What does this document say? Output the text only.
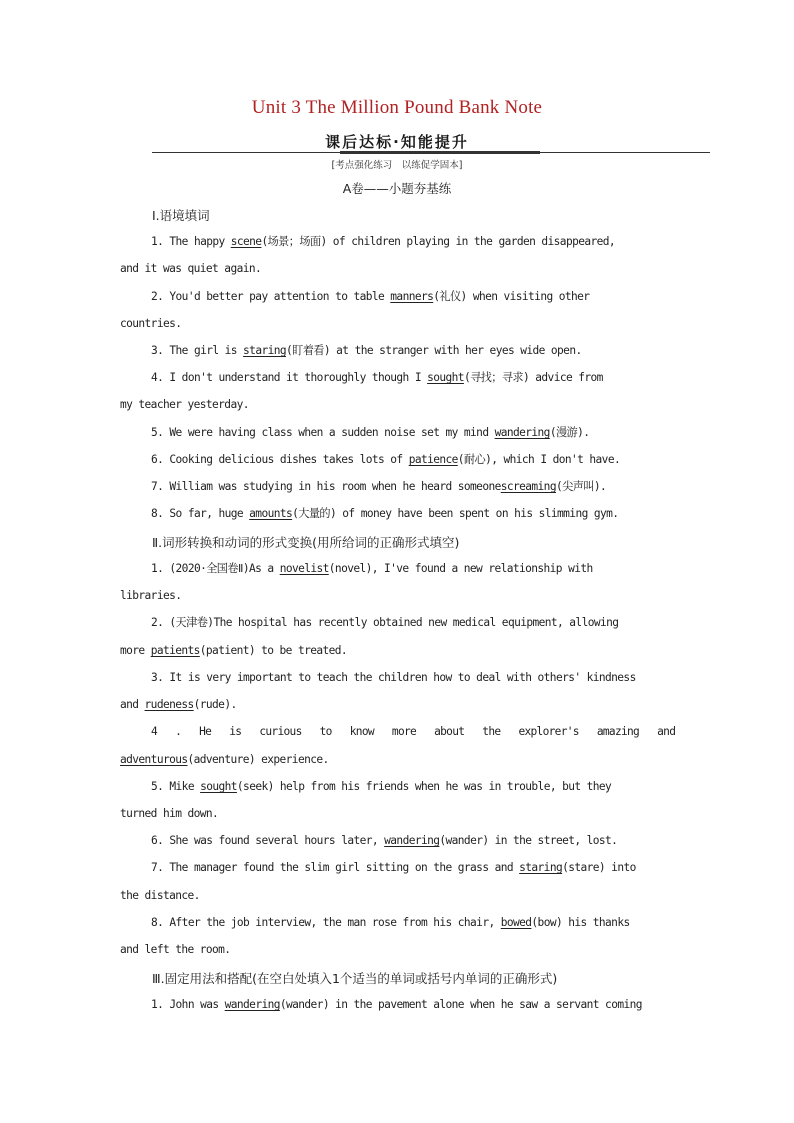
Unit 3 The Million Pound Bank Note
课后达标·知能提升
[考点强化练习　以练促学固本]
A卷——小题夯基练
Ⅰ.语境填词
1. The happy scene(场景；场面) of children playing in the garden disappeared,
and it was quiet again.
2. You'd better pay attention to table manners(礼仪) when visiting other
countries.
3. The girl is staring(盯着看) at the stranger with her eyes wide open.
4. I don't understand it thoroughly though I sought(寻找；寻求) advice from
my teacher yesterday.
5. We were having class when a sudden noise set my mind wandering(漫游).
6. Cooking delicious dishes takes lots of patience(耐心), which I don't have.
7. William was studying in his room when he heard someonescreaming(尖声叫).
8. So far, huge amounts(大量的) of money have been spent on his slimming gym.
Ⅱ.词形转换和动词的形式变换(用所给词的正确形式填空)
1. (2020·全国卷Ⅱ)As a novelist(novel), I've found a new relationship with
libraries.
2. (天津卷)The hospital has recently obtained new medical equipment, allowing
more patients(patient) to be treated.
3. It is very important to teach the children how to deal with others' kindness
and rudeness(rude).
4 . He is curious to know more about the explorer's amazing and
adventurous(adventure) experience.
5. Mike sought(seek) help from his friends when he was in trouble, but they
turned him down.
6. She was found several hours later, wandering(wander) in the street, lost.
7. The manager found the slim girl sitting on the grass and staring(stare) into
the distance.
8. After the job interview, the man rose from his chair, bowed(bow) his thanks
and left the room.
Ⅲ.固定用法和搭配(在空白处填入1个适当的单词或括号内单词的正确形式)
1. John was wandering(wander) in the pavement alone when he saw a servant coming
